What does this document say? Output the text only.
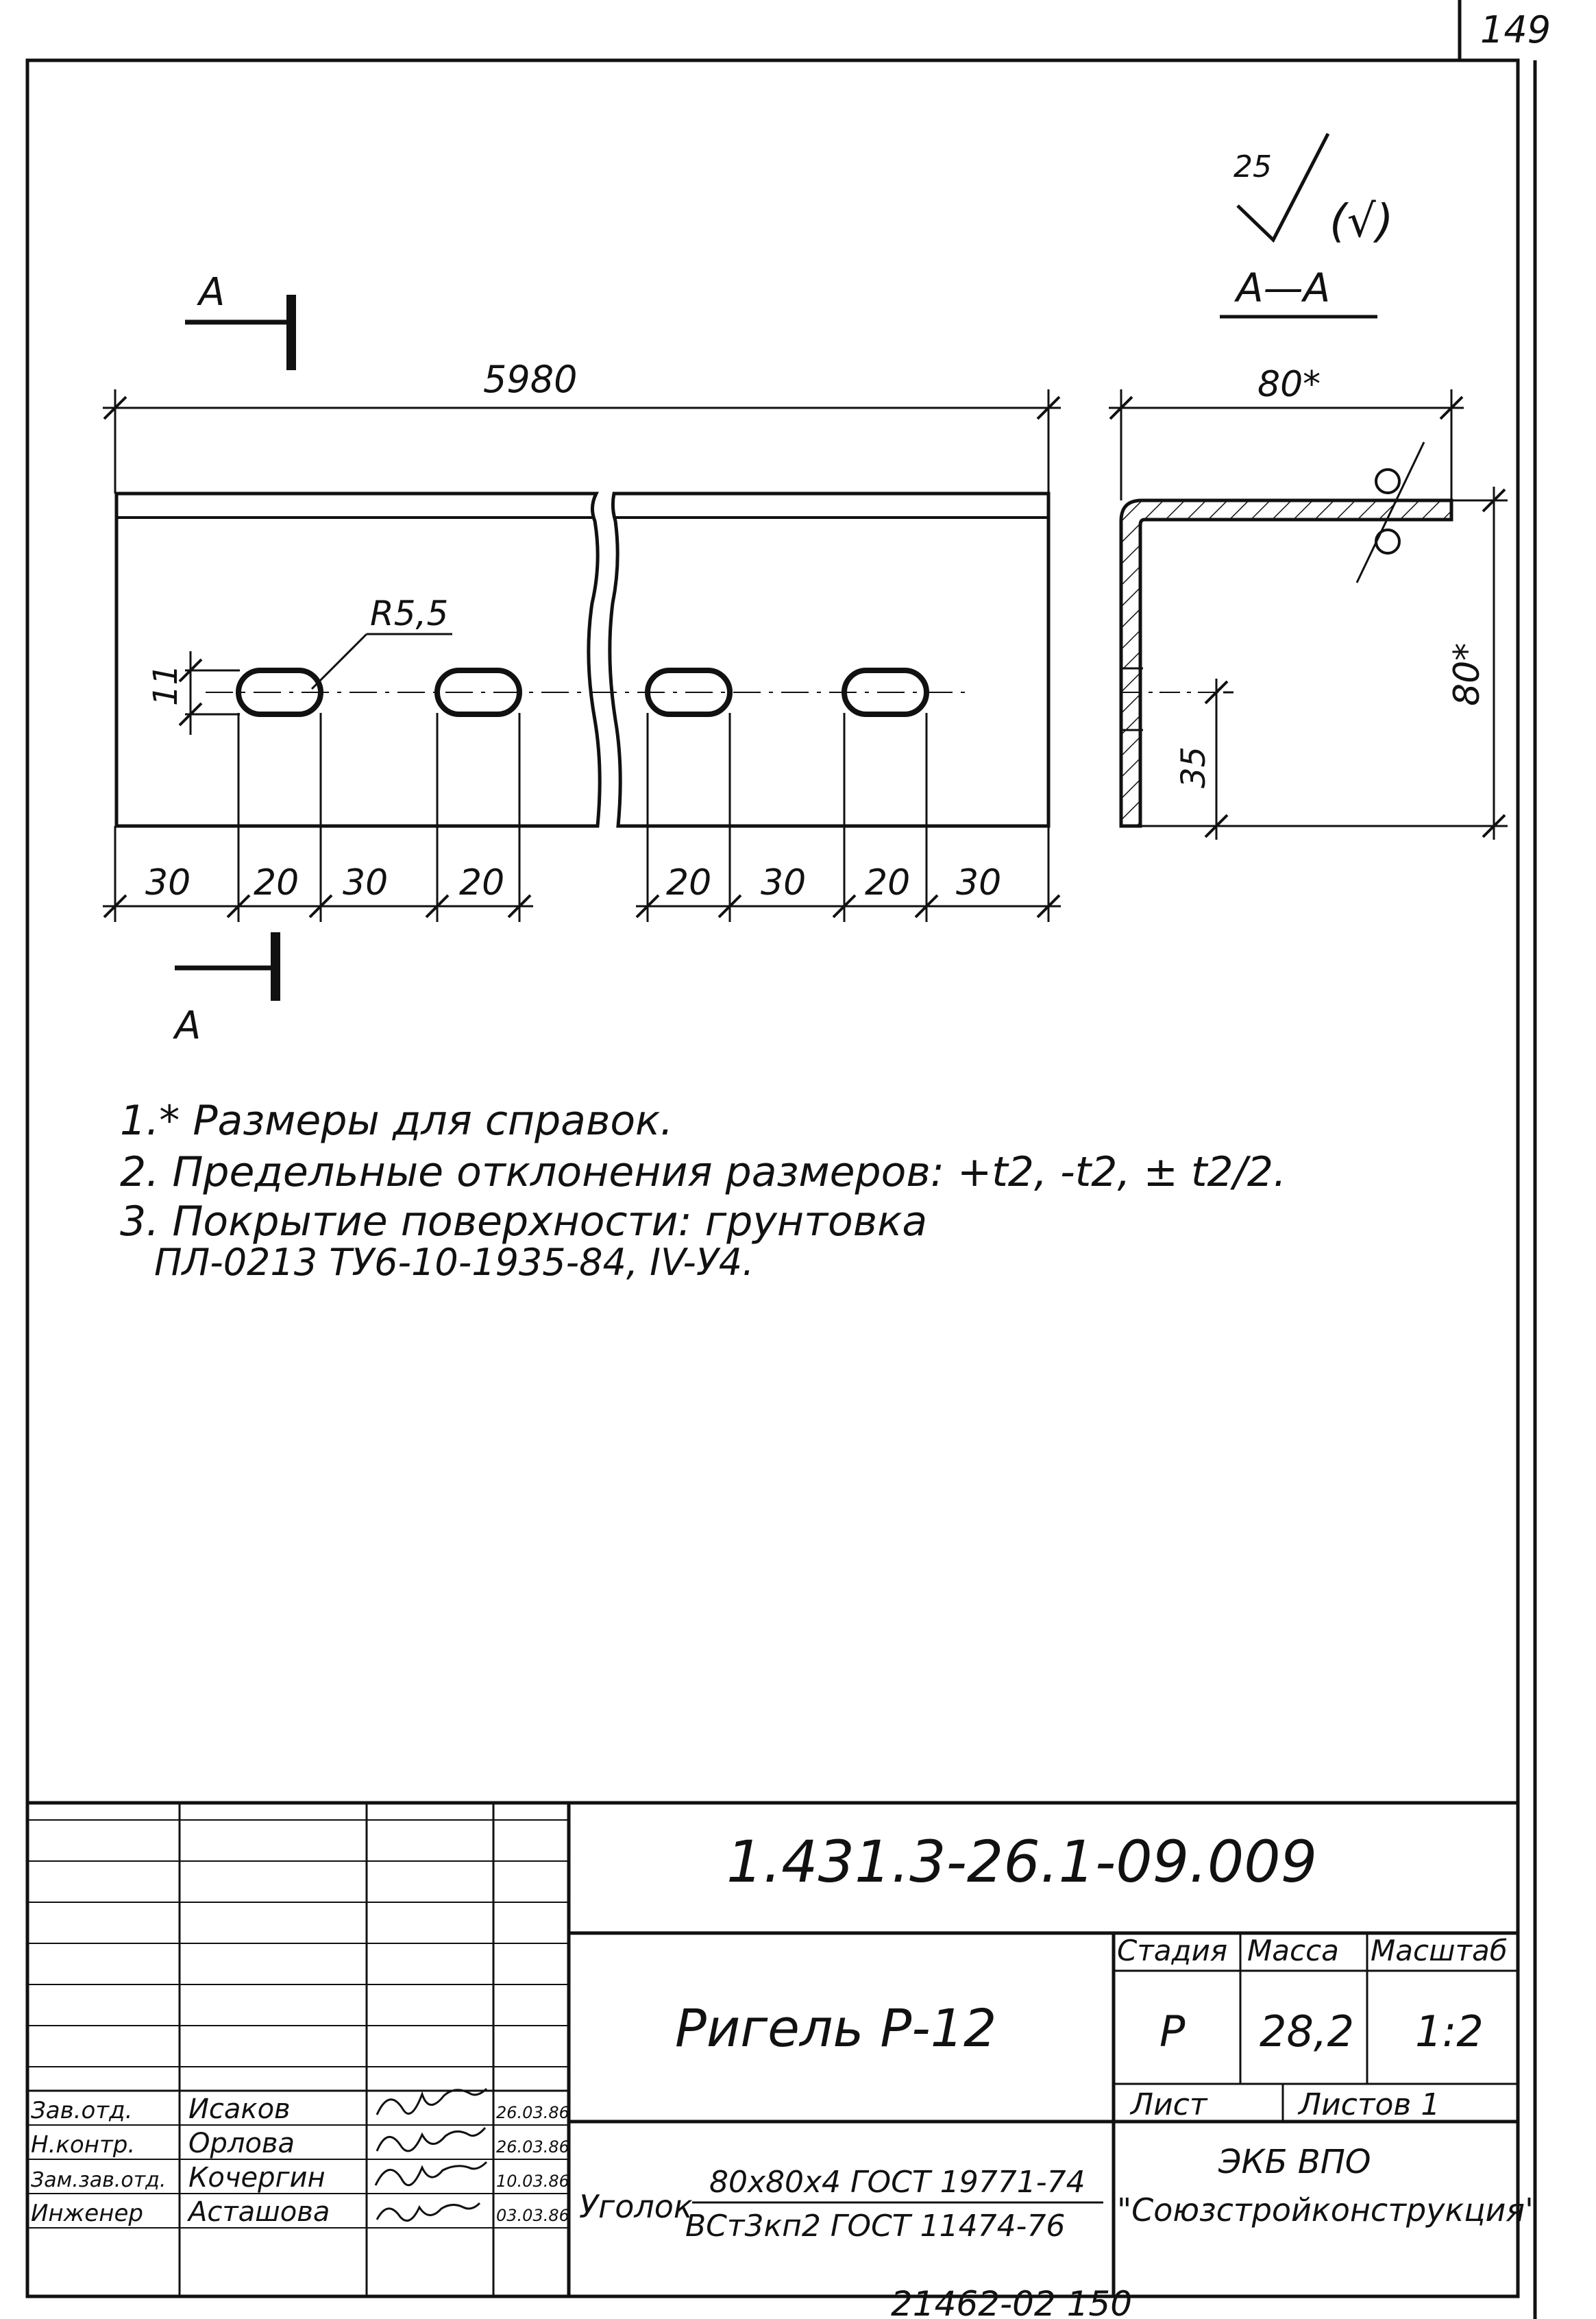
149
25
(√)
А—А
А
А
5980
R5,5
11
30 20 30 20	20 30 20 30
80*
80*
35
1.* Размеры для справок.
2. Предельные отклонения размеров: +t2, -t2, ± t2/2.
3. Покрытие поверхности: грунтовка
ПЛ-0213 ТУ6-10-1935-84, IV-У4.
1.431.3-26.1-09.009
Ригель Р-12
Стадия Масса Масштаб
Р 28,2 1:2
Лист	Листов 1
Уголок
80х80х4 ГОСТ 19771-74
ВСт3кп2 ГОСТ 11474-76
ЭКБ ВПО
"Союзстройконструкция"
Зав.отд. Исаков	26.03.86
Н.контр. Орлова	26.03.86
Зам.зав.отд. Кочергин	10.03.86
Инженер Асташова	03.03.86
21462-02 150
